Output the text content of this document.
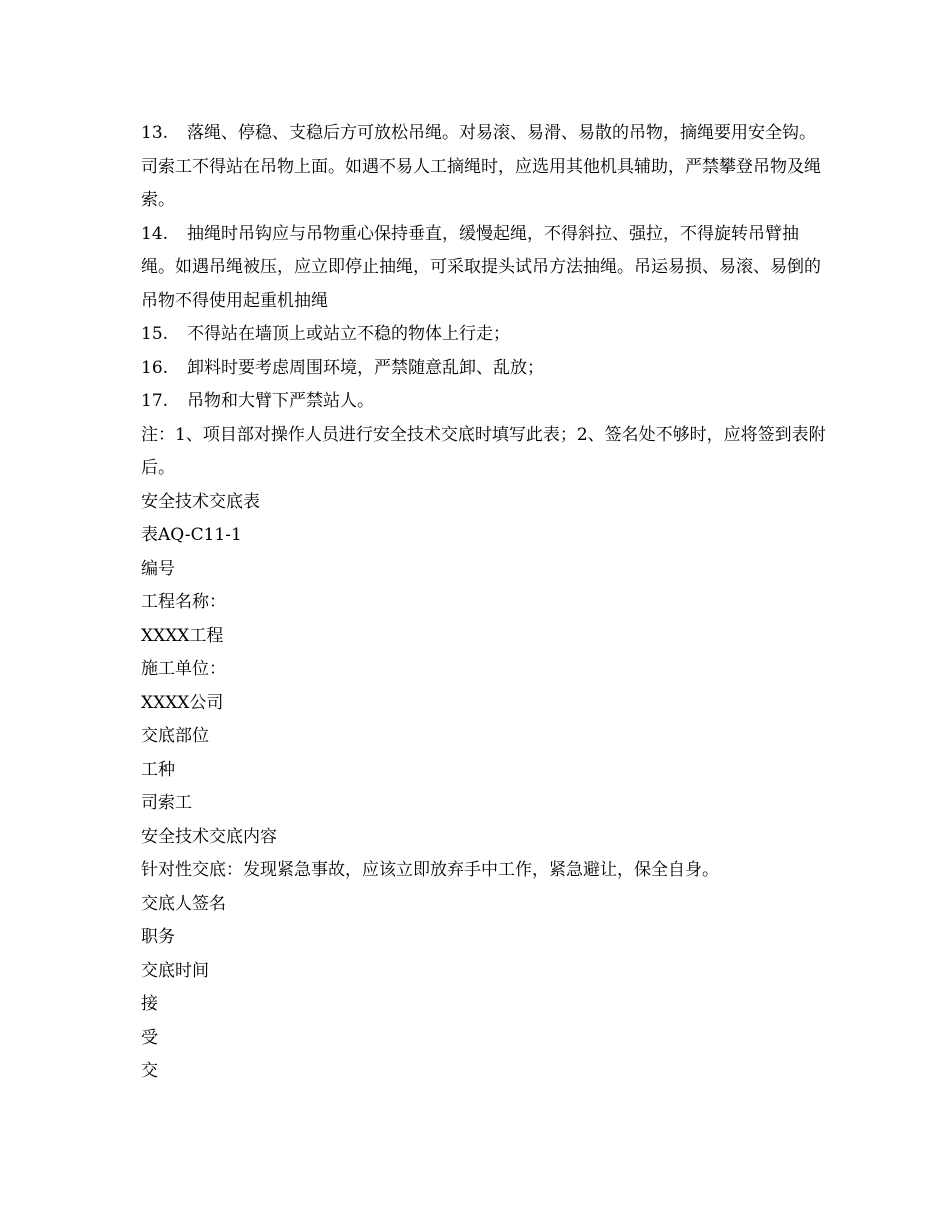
13. 落绳、停稳、支稳后方可放松吊绳。对易滚、易滑、易散的吊物，摘绳要用安全钩。司索工不得站在吊物上面。如遇不易人工摘绳时，应选用其他机具辅助，严禁攀登吊物及绳索。

14. 抽绳时吊钩应与吊物重心保持垂直，缓慢起绳，不得斜拉、强拉，不得旋转吊臂抽绳。如遇吊绳被压，应立即停止抽绳，可采取提头试吊方法抽绳。吊运易损、易滚、易倒的吊物不得使用起重机抽绳

15. 不得站在墙顶上或站立不稳的物体上行走；

16. 卸料时要考虑周围环境，严禁随意乱卸、乱放；

17. 吊物和大臂下严禁站人。

注：1、项目部对操作人员进行安全技术交底时填写此表；2、签名处不够时，应将签到表附后。

安全技术交底表

表AQ-C11-1

编号

工程名称：

XXXX工程

施工单位：

XXXX公司

交底部位

工种

司索工

安全技术交底内容

针对性交底：发现紧急事故，应该立即放弃手中工作，紧急避让，保全自身。

交底人签名

职务

交底时间

接

受

交
